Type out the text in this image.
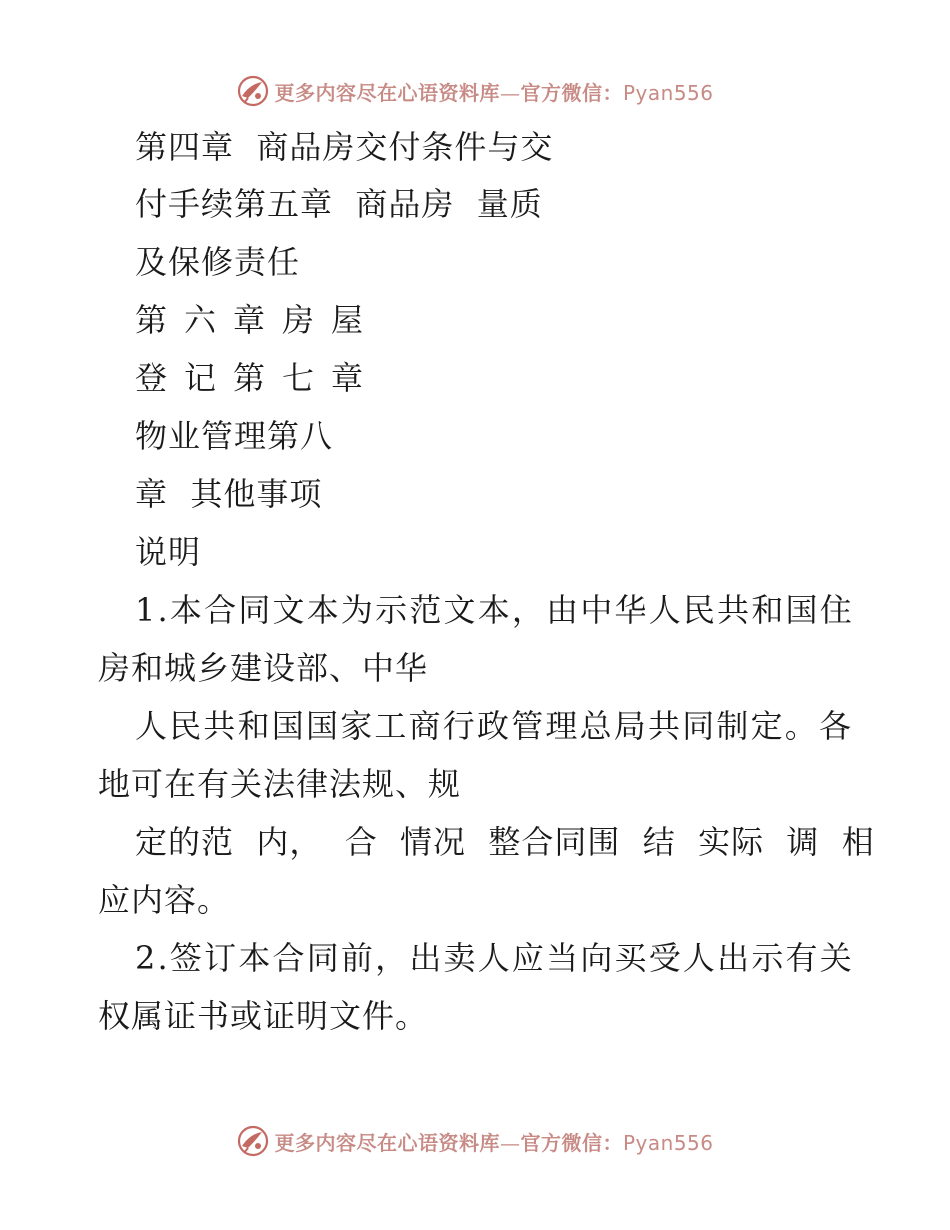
更多内容尽在心语资料库—官方微信：Pyan556
第四章  商品房交付条件与交
付手续第五章  商品房  量质
及保修责任
第六章房屋
登记第七章
物业管理第八
章  其他事项
说明
1.本合同文本为示范文本，由中华人民共和国住
房和城乡建设部、中华
人民共和国国家工商行政管理总局共同制定。各
地可在有关法律法规、规
定的范  内，  合  情况  整合同围  结  实际  调  相
应内容。
2.签订本合同前，出卖人应当向买受人出示有关
权属证书或证明文件。
更多内容尽在心语资料库—官方微信：Pyan556
